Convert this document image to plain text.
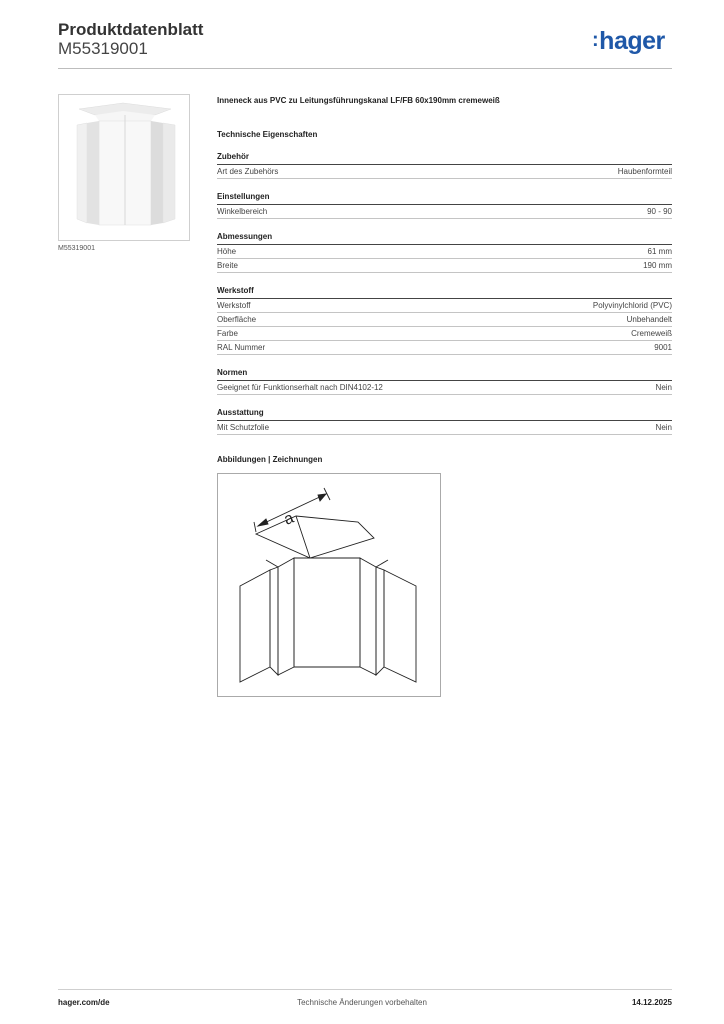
Produktdatenblatt
M55319001	:hager
M55319001
Inneneck aus PVC zu Leitungsführungskanal LF/FB 60x190mm cremeweiß
Technische Eigenschaften
Zubehör
Art des Zubehörs	Haubenformteil
Einstellungen
Winkelbereich	90 - 90
Abmessungen
Höhe	61 mm
Breite	190 mm
Werkstoff
Werkstoff	Polyvinylchlorid (PVC)
Oberfläche	Unbehandelt
Farbe	Cremeweiß
RAL Nummer	9001
Normen
Geeignet für Funktionserhalt nach DIN4102-12	Nein
Ausstattung
Mit Schutzfolie	Nein
Abbildungen | Zeichnungen
a
hager.com/de	Technische Änderungen vorbehalten	14.12.2025
